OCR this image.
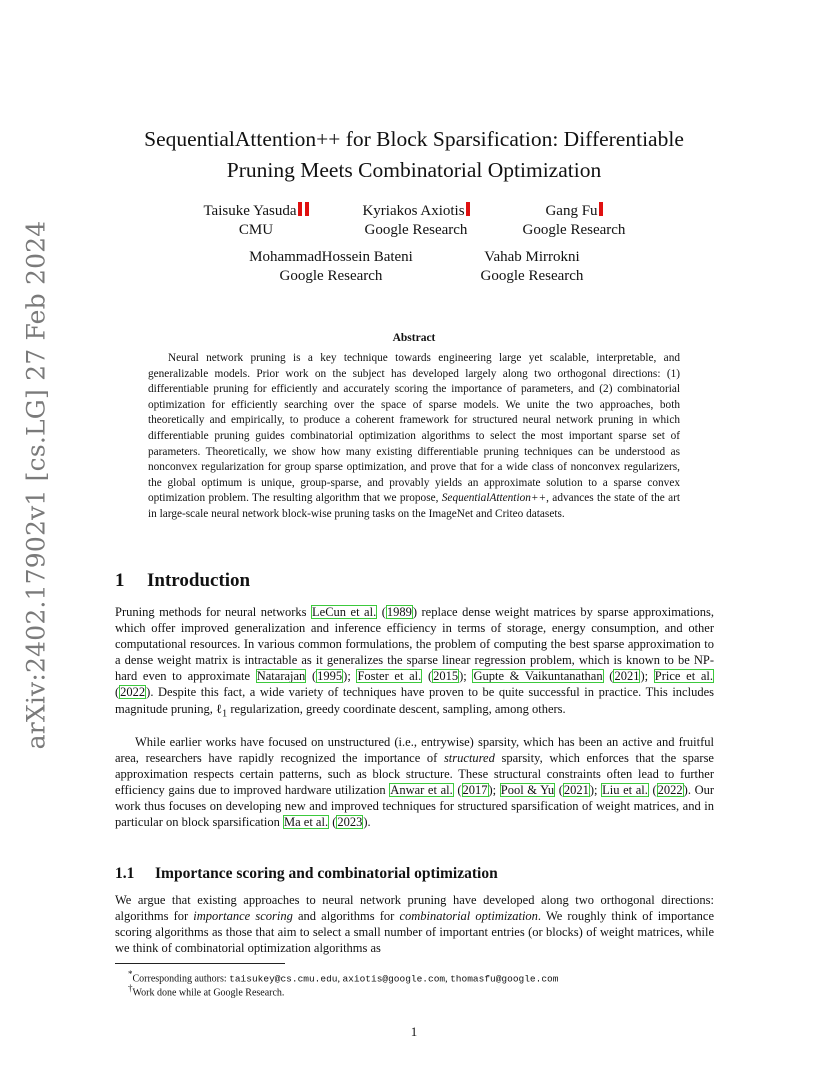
arXiv:2402.17902v1 [cs.LG] 27 Feb 2024
SequentialAttention++ for Block Sparsification: Differentiable
Pruning Meets Combinatorial Optimization
Taisuke Yasuda
CMU
Kyriakos Axiotis
Google Research
Gang Fu
Google Research
MohammadHossein Bateni
Google Research
Vahab Mirrokni
Google Research
Abstract

Neural network pruning is a key technique towards engineering large yet scalable, interpretable, and generalizable models. Prior work on the subject has developed largely along two orthogonal directions: (1) differentiable pruning for efficiently and accurately scoring the importance of parameters, and (2) combinatorial optimization for efficiently searching over the space of sparse models. We unite the two approaches, both theoretically and empirically, to produce a coherent framework for structured neural network pruning in which differentiable pruning guides combinatorial optimization algorithms to select the most important sparse set of parameters. Theoretically, we show how many existing differentiable pruning techniques can be understood as nonconvex regularization for group sparse optimization, and prove that for a wide class of nonconvex regularizers, the global optimum is unique, group-sparse, and provably yields an approximate solution to a sparse convex optimization problem. The resulting algorithm that we propose, SequentialAttention++, advances the state of the art in large-scale neural network block-wise pruning tasks on the ImageNet and Criteo datasets.

1 Introduction

Pruning methods for neural networks LeCun et al. (1989) replace dense weight matrices by sparse approximations, which offer improved generalization and inference efficiency in terms of storage, energy consumption, and other computational resources. In various common formulations, the problem of computing the best sparse approximation to a dense weight matrix is intractable as it generalizes the sparse linear regression problem, which is known to be NP-hard even to approximate Natarajan (1995); Foster et al. (2015); Gupte & Vaikuntanathan (2021); Price et al. (2022). Despite this fact, a wide variety of techniques have proven to be quite successful in practice. This includes magnitude pruning, ℓ$_1$ regularization, greedy coordinate descent, sampling, among others.

While earlier works have focused on unstructured (i.e., entrywise) sparsity, which has been an active and fruitful area, researchers have rapidly recognized the importance of structured sparsity, which enforces that the sparse approximation respects certain patterns, such as block structure. These structural constraints often lead to further efficiency gains due to improved hardware utilization Anwar et al. (2017); Pool & Yu (2021); Liu et al. (2022). Our work thus focuses on developing new and improved techniques for structured sparsification of weight matrices, and in particular on block sparsification Ma et al. (2023).

1.1 Importance scoring and combinatorial optimization

We argue that existing approaches to neural network pruning have developed along two orthogonal directions: algorithms for importance scoring and algorithms for combinatorial optimization. We roughly think of importance scoring algorithms as those that aim to select a small number of important entries (or blocks) of weight matrices, while we think of combinatorial optimization algorithms as

*Corresponding authors: taisukey@cs.cmu.edu, axiotis@google.com, thomasfu@google.com
†Work done while at Google Research.
1
